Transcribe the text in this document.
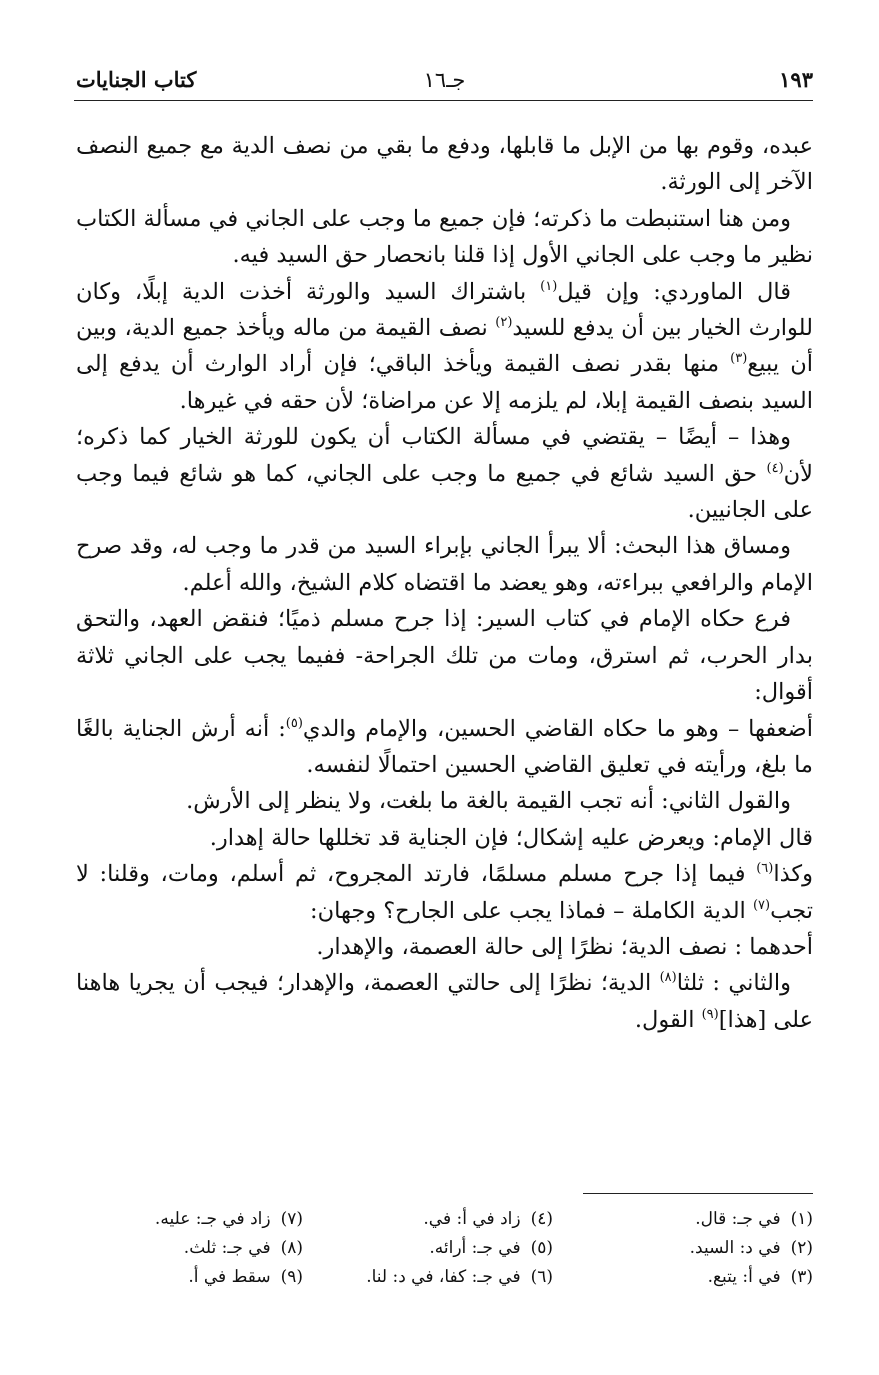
١٩٣
جـ١٦
كتاب الجنايات

عبده، وقوم بها من الإبل ما قابلها، ودفع ما بقي من نصف الدية مع جميع النصف الآخر إلى الورثة.

ومن هنا استنبطت ما ذكرته؛ فإن جميع ما وجب على الجاني في مسألة الكتاب نظير ما وجب على الجاني الأول إذا قلنا بانحصار حق السيد فيه.

قال الماوردي: وإن قيل$^{(١)}$ باشتراك السيد والورثة أخذت الدية إبلًا، وكان للوارث الخيار بين أن يدفع للسيد$^{(٢)}$ نصف القيمة من ماله ويأخذ جميع الدية، وبين أن يبيع$^{(٣)}$ منها بقدر نصف القيمة ويأخذ الباقي؛ فإن أراد الوارث أن يدفع إلى السيد بنصف القيمة إبلا، لم يلزمه إلا عن مراضاة؛ لأن حقه في غيرها.

وهذا – أيضًا – يقتضي في مسألة الكتاب أن يكون للورثة الخيار كما ذكره؛ لأن$^{(٤)}$ حق السيد شائع في جميع ما وجب على الجاني، كما هو شائع فيما وجب على الجانيين.

ومساق هذا البحث: ألا يبرأ الجاني بإبراء السيد من قدر ما وجب له، وقد صرح الإمام والرافعي ببراءته، وهو يعضد ما اقتضاه كلام الشيخ، والله أعلم.

فرع حكاه الإمام في كتاب السير: إذا جرح مسلم ذميًا؛ فنقض العهد، والتحق بدار الحرب، ثم استرق، ومات من تلك الجراحة- ففيما يجب على الجاني ثلاثة أقوال:

أضعفها – وهو ما حكاه القاضي الحسين، والإمام والدي$^{(٥)}$: أنه أرش الجناية بالغًا ما بلغ، ورأيته في تعليق القاضي الحسين احتمالًا لنفسه.

والقول الثاني: أنه تجب القيمة بالغة ما بلغت، ولا ينظر إلى الأرش.

قال الإمام: ويعرض عليه إشكال؛ فإن الجناية قد تخللها حالة إهدار.

وكذا$^{(٦)}$ فيما إذا جرح مسلم مسلمًا، فارتد المجروح، ثم أسلم، ومات، وقلنا: لا تجب$^{(٧)}$ الدية الكاملة – فماذا يجب على الجارح؟ وجهان:

أحدهما : نصف الدية؛ نظرًا إلى حالة العصمة، والإهدار.

والثاني : ثلثا$^{(٨)}$ الدية؛ نظرًا إلى حالتي العصمة، والإهدار؛ فيجب أن يجريا هاهنا على [هذا]$^{(٩)}$ القول.

(١)في جـ: قال.
(٢)في د: السيد.
(٣)في أ: يتبع.
(٤)زاد في أ: في.
(٥)في جـ: أرائه.
(٦)في جـ: كفا، في د: لنا.
(٧)زاد في جـ: عليه.
(٨)في جـ: ثلث.
(٩)سقط في أ.
